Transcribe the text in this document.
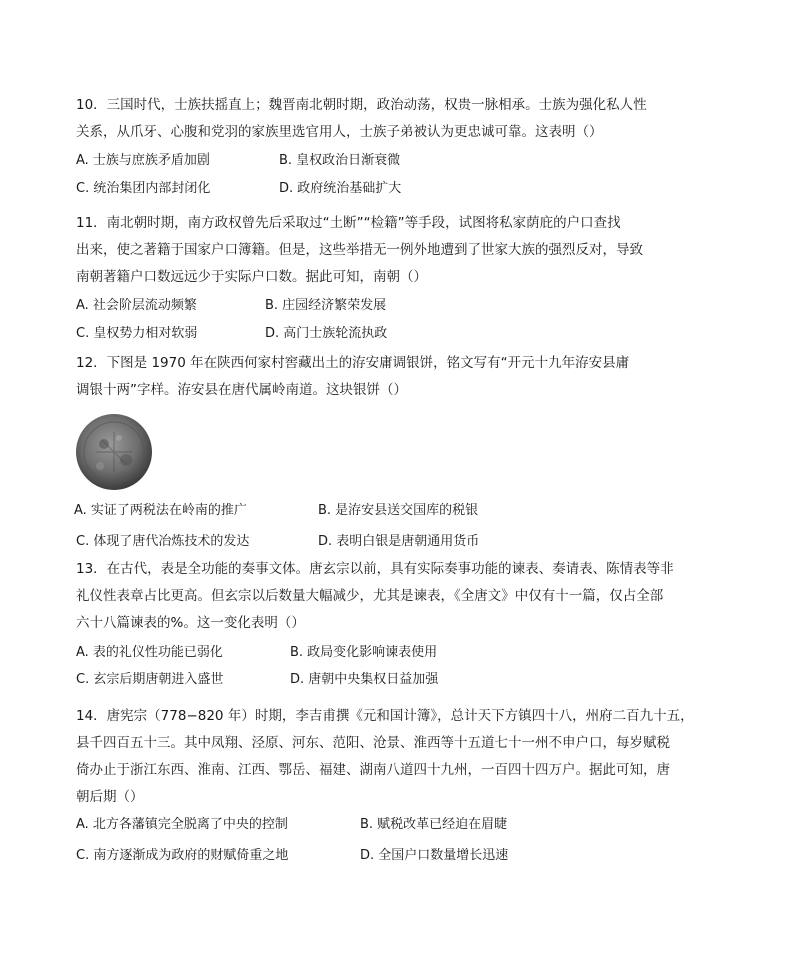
10．三国时代，士族扶摇直上；魏晋南北朝时期，政治动荡，权贵一脉相承。士族为强化私人性
关系，从爪牙、心腹和党羽的家族里选官用人，士族子弟被认为更忠诚可靠。这表明（）
A. 士族与庶族矛盾加剧	B. 皇权政治日渐衰微
C. 统治集团内部封闭化	D. 政府统治基础扩大
11．南北朝时期，南方政权曾先后采取过“土断”“检籍”等手段，试图将私家荫庇的户口查找
出来，使之著籍于国家户口簿籍。但是，这些举措无一例外地遭到了世家大族的强烈反对，导致
南朝著籍户口数远远少于实际户口数。据此可知，南朝（）
A. 社会阶层流动频繁	B. 庄园经济繁荣发展
C. 皇权势力相对软弱	D. 高门士族轮流执政
12．下图是 1970 年在陕西何家村窖藏出土的洊安庸调银饼，铭文写有“开元十九年洊安县庸
调银十两”字样。洊安县在唐代属岭南道。这块银饼（）
A. 实证了两税法在岭南的推广	B. 是洊安县送交国库的税银
C. 体现了唐代冶炼技术的发达	D. 表明白银是唐朝通用货币
13．在古代，表是全功能的奏事文体。唐玄宗以前，具有实际奏事功能的谏表、奏请表、陈情表等非
礼仪性表章占比更高。但玄宗以后数量大幅减少，尤其是谏表，《全唐文》中仅有十一篇，仅占全部
六十八篇谏表的%。这一变化表明（）
A. 表的礼仪性功能已弱化	B. 政局变化影响谏表使用
C. 玄宗后期唐朝进入盛世	D. 唐朝中央集权日益加强
14．唐宪宗（778−820 年）时期，李吉甫撰《元和国计簿》，总计天下方镇四十八，州府二百九十五，
县千四百五十三。其中凤翔、泾原、河东、范阳、沧景、淮西等十五道七十一州不申户口，每岁赋税
倚办止于浙江东西、淮南、江西、鄂岳、福建、湖南八道四十九州，一百四十四万户。据此可知，唐
朝后期（）
A. 北方各藩镇完全脱离了中央的控制	B. 赋税改革已经迫在眉睫
C. 南方逐渐成为政府的财赋倚重之地	D. 全国户口数量增长迅速
